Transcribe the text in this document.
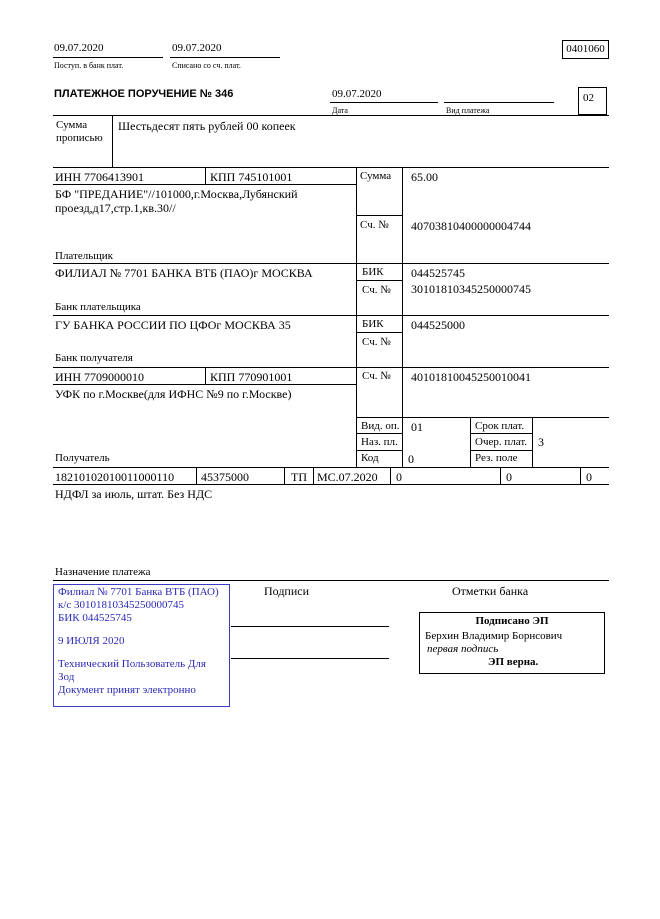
09.07.2020
Поступ. в банк плат.
09.07.2020
Списано со сч. плат.
0401060
ПЛАТЕЖНОЕ ПОРУЧЕНИЕ № 346	09.07.2020
Дата	Вид платежа
02
Сумма
прописью
Шестьдесят пять рублей 00 копеек
ИНН 7706413901	КПП 745101001
БФ "ПРЕДАНИЕ"//101000,г.Москва,Лубянский
проезд,д17,стр.1,кв.30//
Плательщик
Сумма 65.00
Сч. № 40703810400000004744
ФИЛИАЛ № 7701 БАНКА ВТБ (ПАО)г МОСКВА
Банк плательщика
БИК 044525745
Сч. № 30101810345250000745
ГУ БАНКА РОССИИ ПО ЦФОг МОСКВА 35
Банк получателя
БИК 044525000
Сч. №
ИНН 7709000010	КПП 770901001
УФК по г.Москве(для ИФНС №9 по г.Москве)
Получатель
Сч. № 40101810045250010041
Вид. оп. 01	Срок плат.
Наз. пл.	Очер. плат. 3
Код 0	Рез. поле
18210102010011000110 45375000	ТП МС.07.2020 0	0	0
НДФЛ за июль, штат. Без НДС
Назначение платежа
Подписи	Отметки банка
Филиал № 7701 Банка ВТБ (ПАО)
к/с 30101810345250000745
БИК 044525745
9 ИЮЛЯ 2020
Технический Пользователь Для
Зод
Документ принят электронно
Подписано ЭП
Берхин Владимир Борнсович
первая подпись
ЭП верна.
